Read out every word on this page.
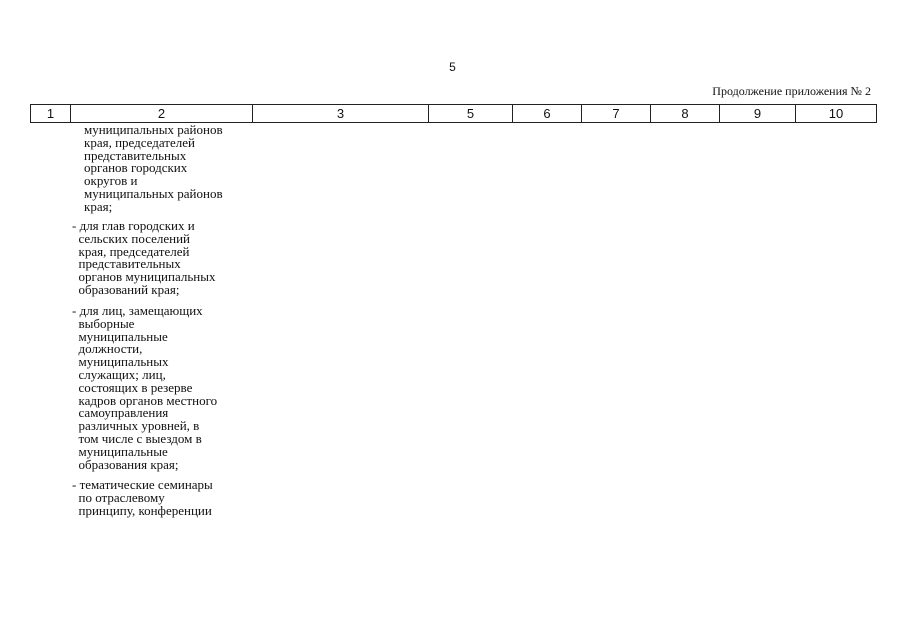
5
Продолжение приложения № 2
1	2	3	5	6	7	8	9	10
муниципальных районов
края, председателей
представительных
органов городских
округов и
муниципальных районов
края;
- для глав городских и
сельских поселений
края, председателей
представительных
органов муниципальных
образований края;
- для лиц, замещающих
выборные
муниципальные
должности,
муниципальных
служащих; лиц,
состоящих в резерве
кадров органов местного
самоуправления
различных уровней, в
том числе с выездом в
муниципальные
образования края;
- тематические семинары
по отраслевому
принципу, конференции
